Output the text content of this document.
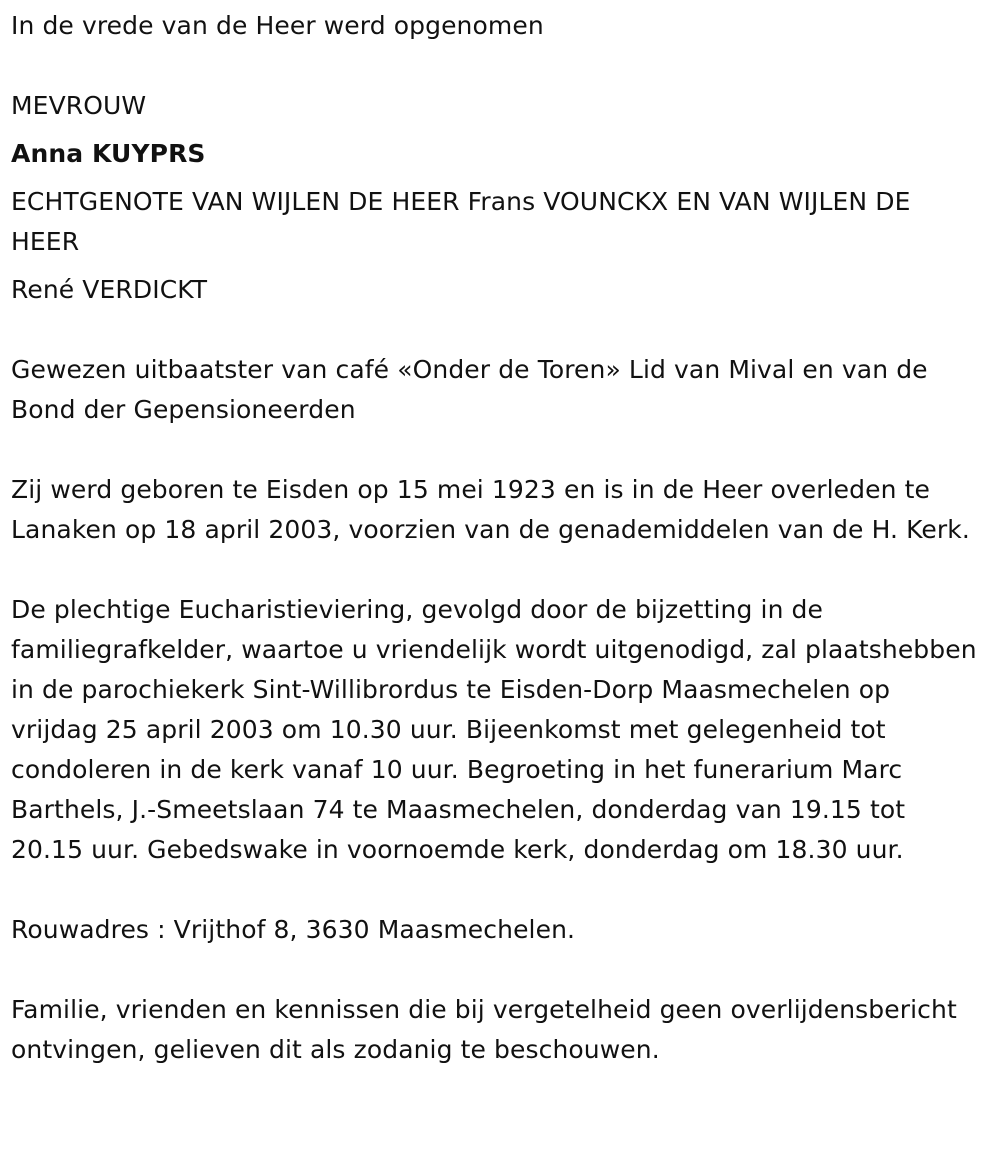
In de vrede van de Heer werd opgenomen

MEVROUW

Anna KUYPRS

ECHTGENOTE VAN WIJLEN DE HEER Frans VOUNCKX EN VAN WIJLEN DE HEER

René VERDICKT

Gewezen uitbaatster van café «Onder de Toren» Lid van Mival en van de Bond der Gepensioneerden

Zij werd geboren te Eisden op 15 mei 1923 en is in de Heer overleden te Lanaken op 18 april 2003, voorzien van de genademiddelen van de H. Kerk.

De plechtige Eucharistieviering, gevolgd door de bijzetting in de familiegrafkelder, waartoe u vriendelijk wordt uitgenodigd, zal plaatshebben in de parochiekerk Sint-Willibrordus te Eisden-Dorp Maasmechelen op vrijdag 25 april 2003 om 10.30 uur. Bijeenkomst met gelegenheid tot condoleren in de kerk vanaf 10 uur. Begroeting in het funerarium Marc Barthels, J.-Smeetslaan 74 te Maasmechelen, donderdag van 19.15 tot 20.15 uur. Gebedswake in voornoemde kerk, donderdag om 18.30 uur.

Rouwadres : Vrijthof 8, 3630 Maasmechelen.

Familie, vrienden en kennissen die bij vergetelheid geen overlijdensbericht ontvingen, gelieven dit als zodanig te beschouwen.
